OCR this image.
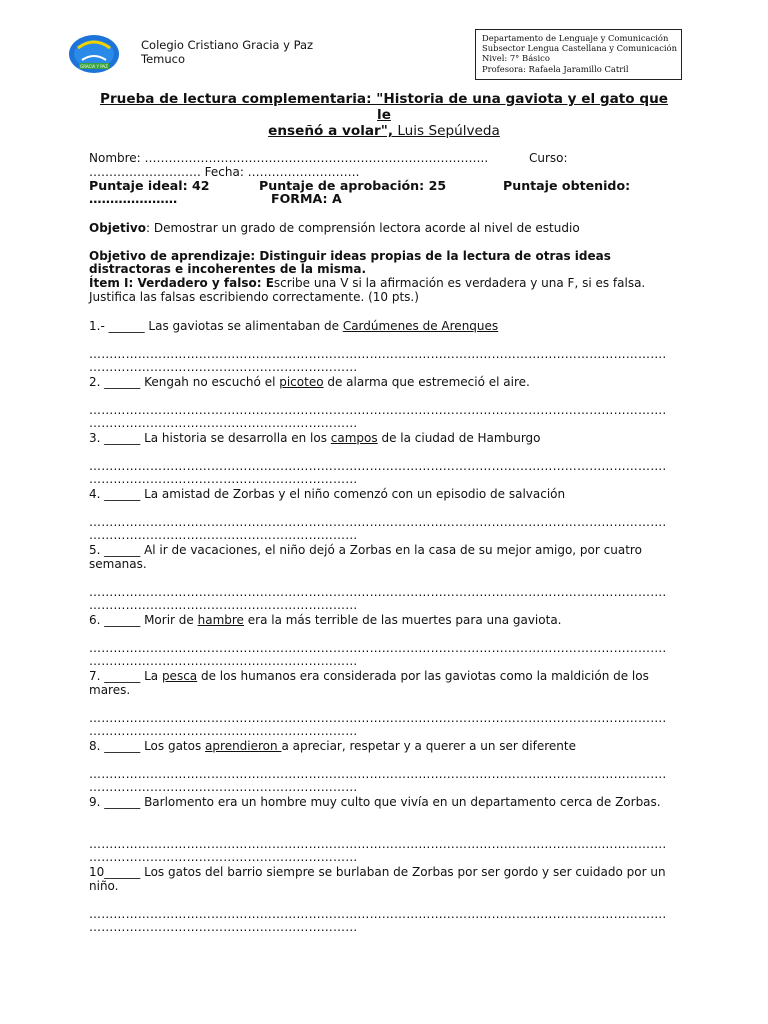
GRACIA Y PAZ
Colegio Cristiano Gracia y Paz
Temuco
Departamento de Lenguaje y Comunicación
Subsector Lengua Castellana y Comunicación
Nivel: 7° Básico
Profesora: Rafaela Jaramillo Catril
Prueba de lectura complementaria: "Historia de una gaviota y el gato que le
enseñó a volar", Luis Sepúlveda
Nombre: …………………………………………………………………………..	Curso:
………………………. Fecha: ……………………….
Puntaje ideal: 42	Puntaje de aprobación: 25	Puntaje obtenido:
…………………	FORMA: A
Objetivo: Demostrar un grado de comprensión lectora acorde al nivel de estudio
Objetivo de aprendizaje: Distinguir ideas propias de la lectura de otras ideas distractoras e incoherentes de la misma.
Ítem I: Verdadero y falso: Escribe una V si la afirmación es verdadera y una F, si es falsa. Justifica las falsas escribiendo correctamente. (10 pts.)
1.- ______ Las gaviotas se alimentaban de Cardúmenes de Arenques
…………………………………………………………………………………………………………………………….
…………………………………………………………
2. ______ Kengah no escuchó el picoteo de alarma que estremeció el aire.
…………………………………………………………………………………………………………………………….
…………………………………………………………
3. ______ La historia se desarrolla en los campos de la ciudad de Hamburgo
…………………………………………………………………………………………………………………………….
…………………………………………………………
4. ______ La amistad de Zorbas y el niño comenzó con un episodio de salvación
…………………………………………………………………………………………………………………………….
…………………………………………………………
5. ______ Al ir de vacaciones, el niño dejó a Zorbas en la casa de su mejor amigo, por cuatro semanas.
…………………………………………………………………………………………………………………………….
…………………………………………………………
6. ______ Morir de hambre era la más terrible de las muertes para una gaviota.
…………………………………………………………………………………………………………………………….
…………………………………………………………
7. ______ La pesca de los humanos era considerada por las gaviotas como la maldición de los mares.
…………………………………………………………………………………………………………………………….
…………………………………………………………
8. ______ Los gatos aprendieron a apreciar, respetar y a querer a un ser diferente
…………………………………………………………………………………………………………………………….
…………………………………………………………
9. ______ Barlomento era un hombre muy culto que vivía en un departamento cerca de Zorbas.
…………………………………………………………………………………………………………………………….
…………………………………………………………
10______ Los gatos del barrio siempre se burlaban de Zorbas por ser gordo y ser cuidado por un niño.
…………………………………………………………………………………………………………………………….
…………………………………………………………
